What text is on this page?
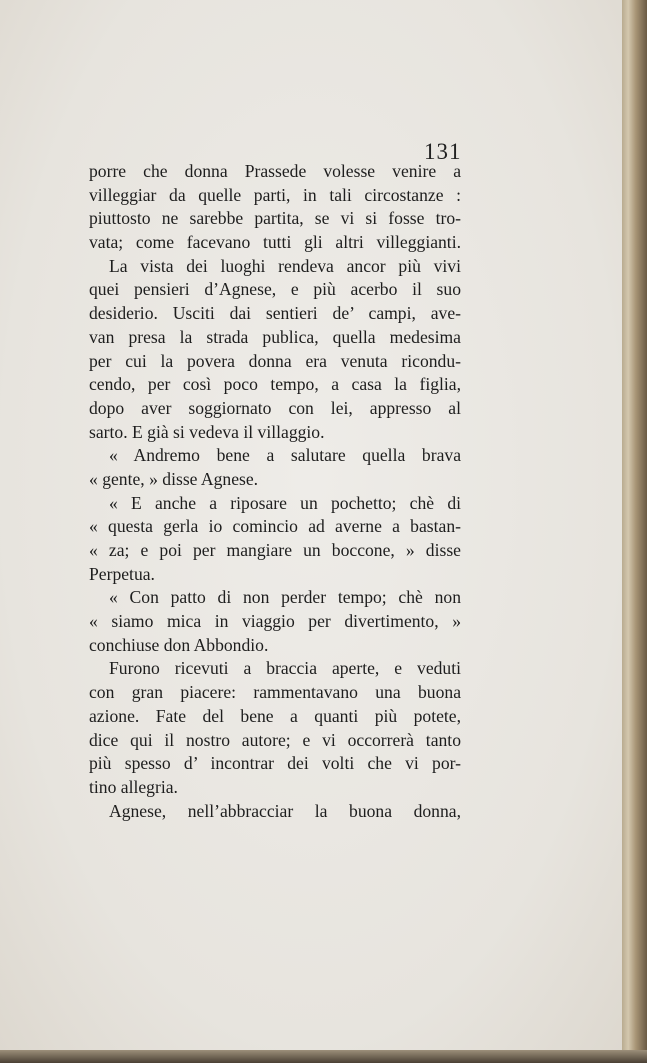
131
porre che donna Prassede volesse venire a
villeggiar da quelle parti, in tali circostanze :
piuttosto ne sarebbe partita, se vi si fosse tro-
vata; come facevano tutti gli altri villeggianti.
La vista dei luoghi rendeva ancor più vivi
quei pensieri d’Agnese, e più acerbo il suo
desiderio. Usciti dai sentieri de’ campi, ave-
van presa la strada publica, quella medesima
per cui la povera donna era venuta ricondu-
cendo, per così poco tempo, a casa la figlia,
dopo aver soggiornato con lei, appresso al
sarto. E già si vedeva il villaggio.
« Andremo bene a salutare quella brava
« gente, » disse Agnese.
« E anche a riposare un pochetto; chè di
« questa gerla io comincio ad averne a bastan-
« za; e poi per mangiare un boccone, » disse
Perpetua.
« Con patto di non perder tempo; chè non
« siamo mica in viaggio per divertimento, »
conchiuse don Abbondio.
Furono ricevuti a braccia aperte, e veduti
con gran piacere: rammentavano una buona
azione. Fate del bene a quanti più potete,
dice qui il nostro autore; e vi occorrerà tanto
più spesso d’ incontrar dei volti che vi por-
tino allegria.
Agnese, nell’abbracciar la buona donna,
